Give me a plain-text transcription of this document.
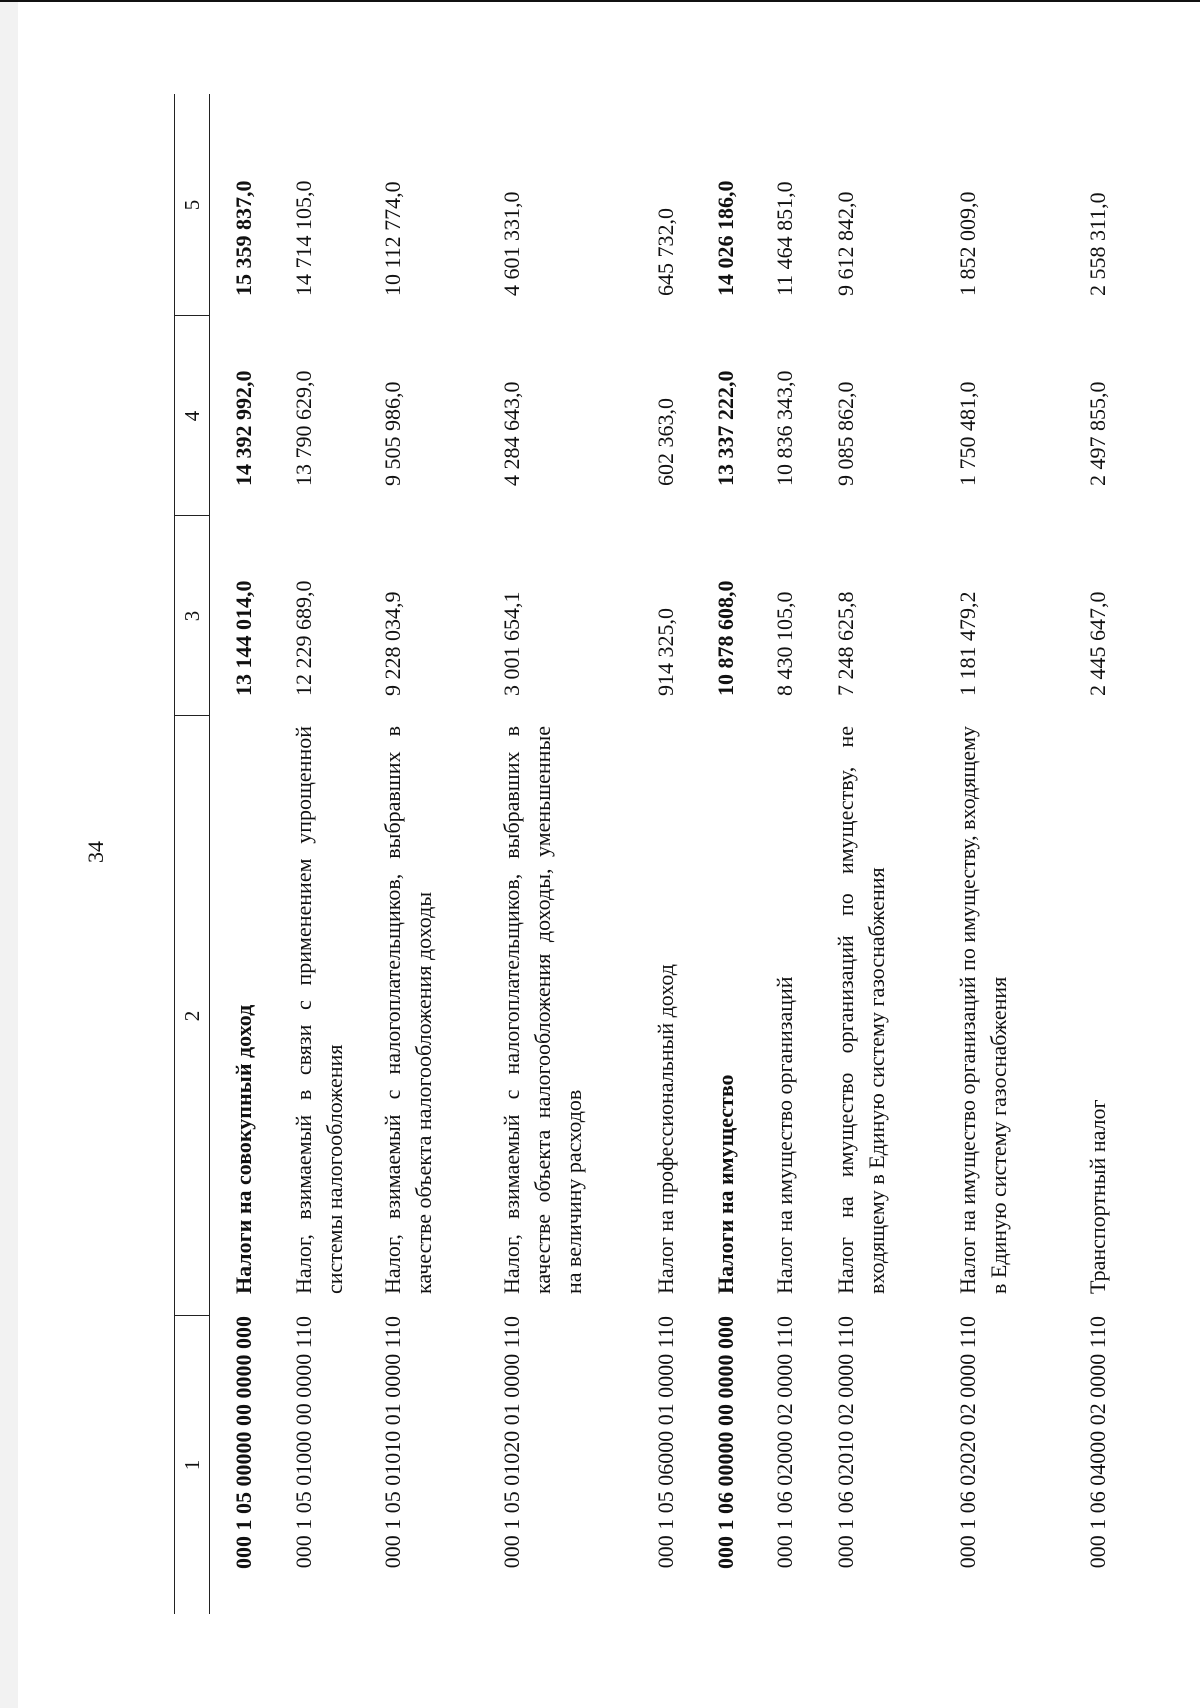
34
1
2
3
4
5
000 1 05 00000 00 0000 000
Налоги на совокупный доход
13 144 014,0
14 392 992,0
15 359 837,0
000 1 05 01000 00 0000 110
Налог, взимаемый в связи с применением упрощенной системы налогообложения
12 229 689,0
13 790 629,0
14 714 105,0
000 1 05 01010 01 0000 110
Налог, взимаемый с налогоплательщиков, выбравших в качестве объекта налогообложения доходы
9 228 034,9
9 505 986,0
10 112 774,0
000 1 05 01020 01 0000 110
Налог, взимаемый с налогоплательщиков, выбравших в качестве объекта налогообложения доходы, уменьшенные на величину расходов
3 001 654,1
4 284 643,0
4 601 331,0
000 1 05 06000 01 0000 110
Налог на профессиональный доход
914 325,0
602 363,0
645 732,0
000 1 06 00000 00 0000 000
Налоги на имущество
10 878 608,0
13 337 222,0
14 026 186,0
000 1 06 02000 02 0000 110
Налог на имущество организаций
8 430 105,0
10 836 343,0
11 464 851,0
000 1 06 02010 02 0000 110
Налог на имущество организаций по имуществу, не входящему в Единую систему газоснабжения
7 248 625,8
9 085 862,0
9 612 842,0
000 1 06 02020 02 0000 110
Налог на имущество организаций по имуществу, входящему в Единую систему газоснабжения
1 181 479,2
1 750 481,0
1 852 009,0
000 1 06 04000 02 0000 110
Транспортный налог
2 445 647,0
2 497 855,0
2 558 311,0
